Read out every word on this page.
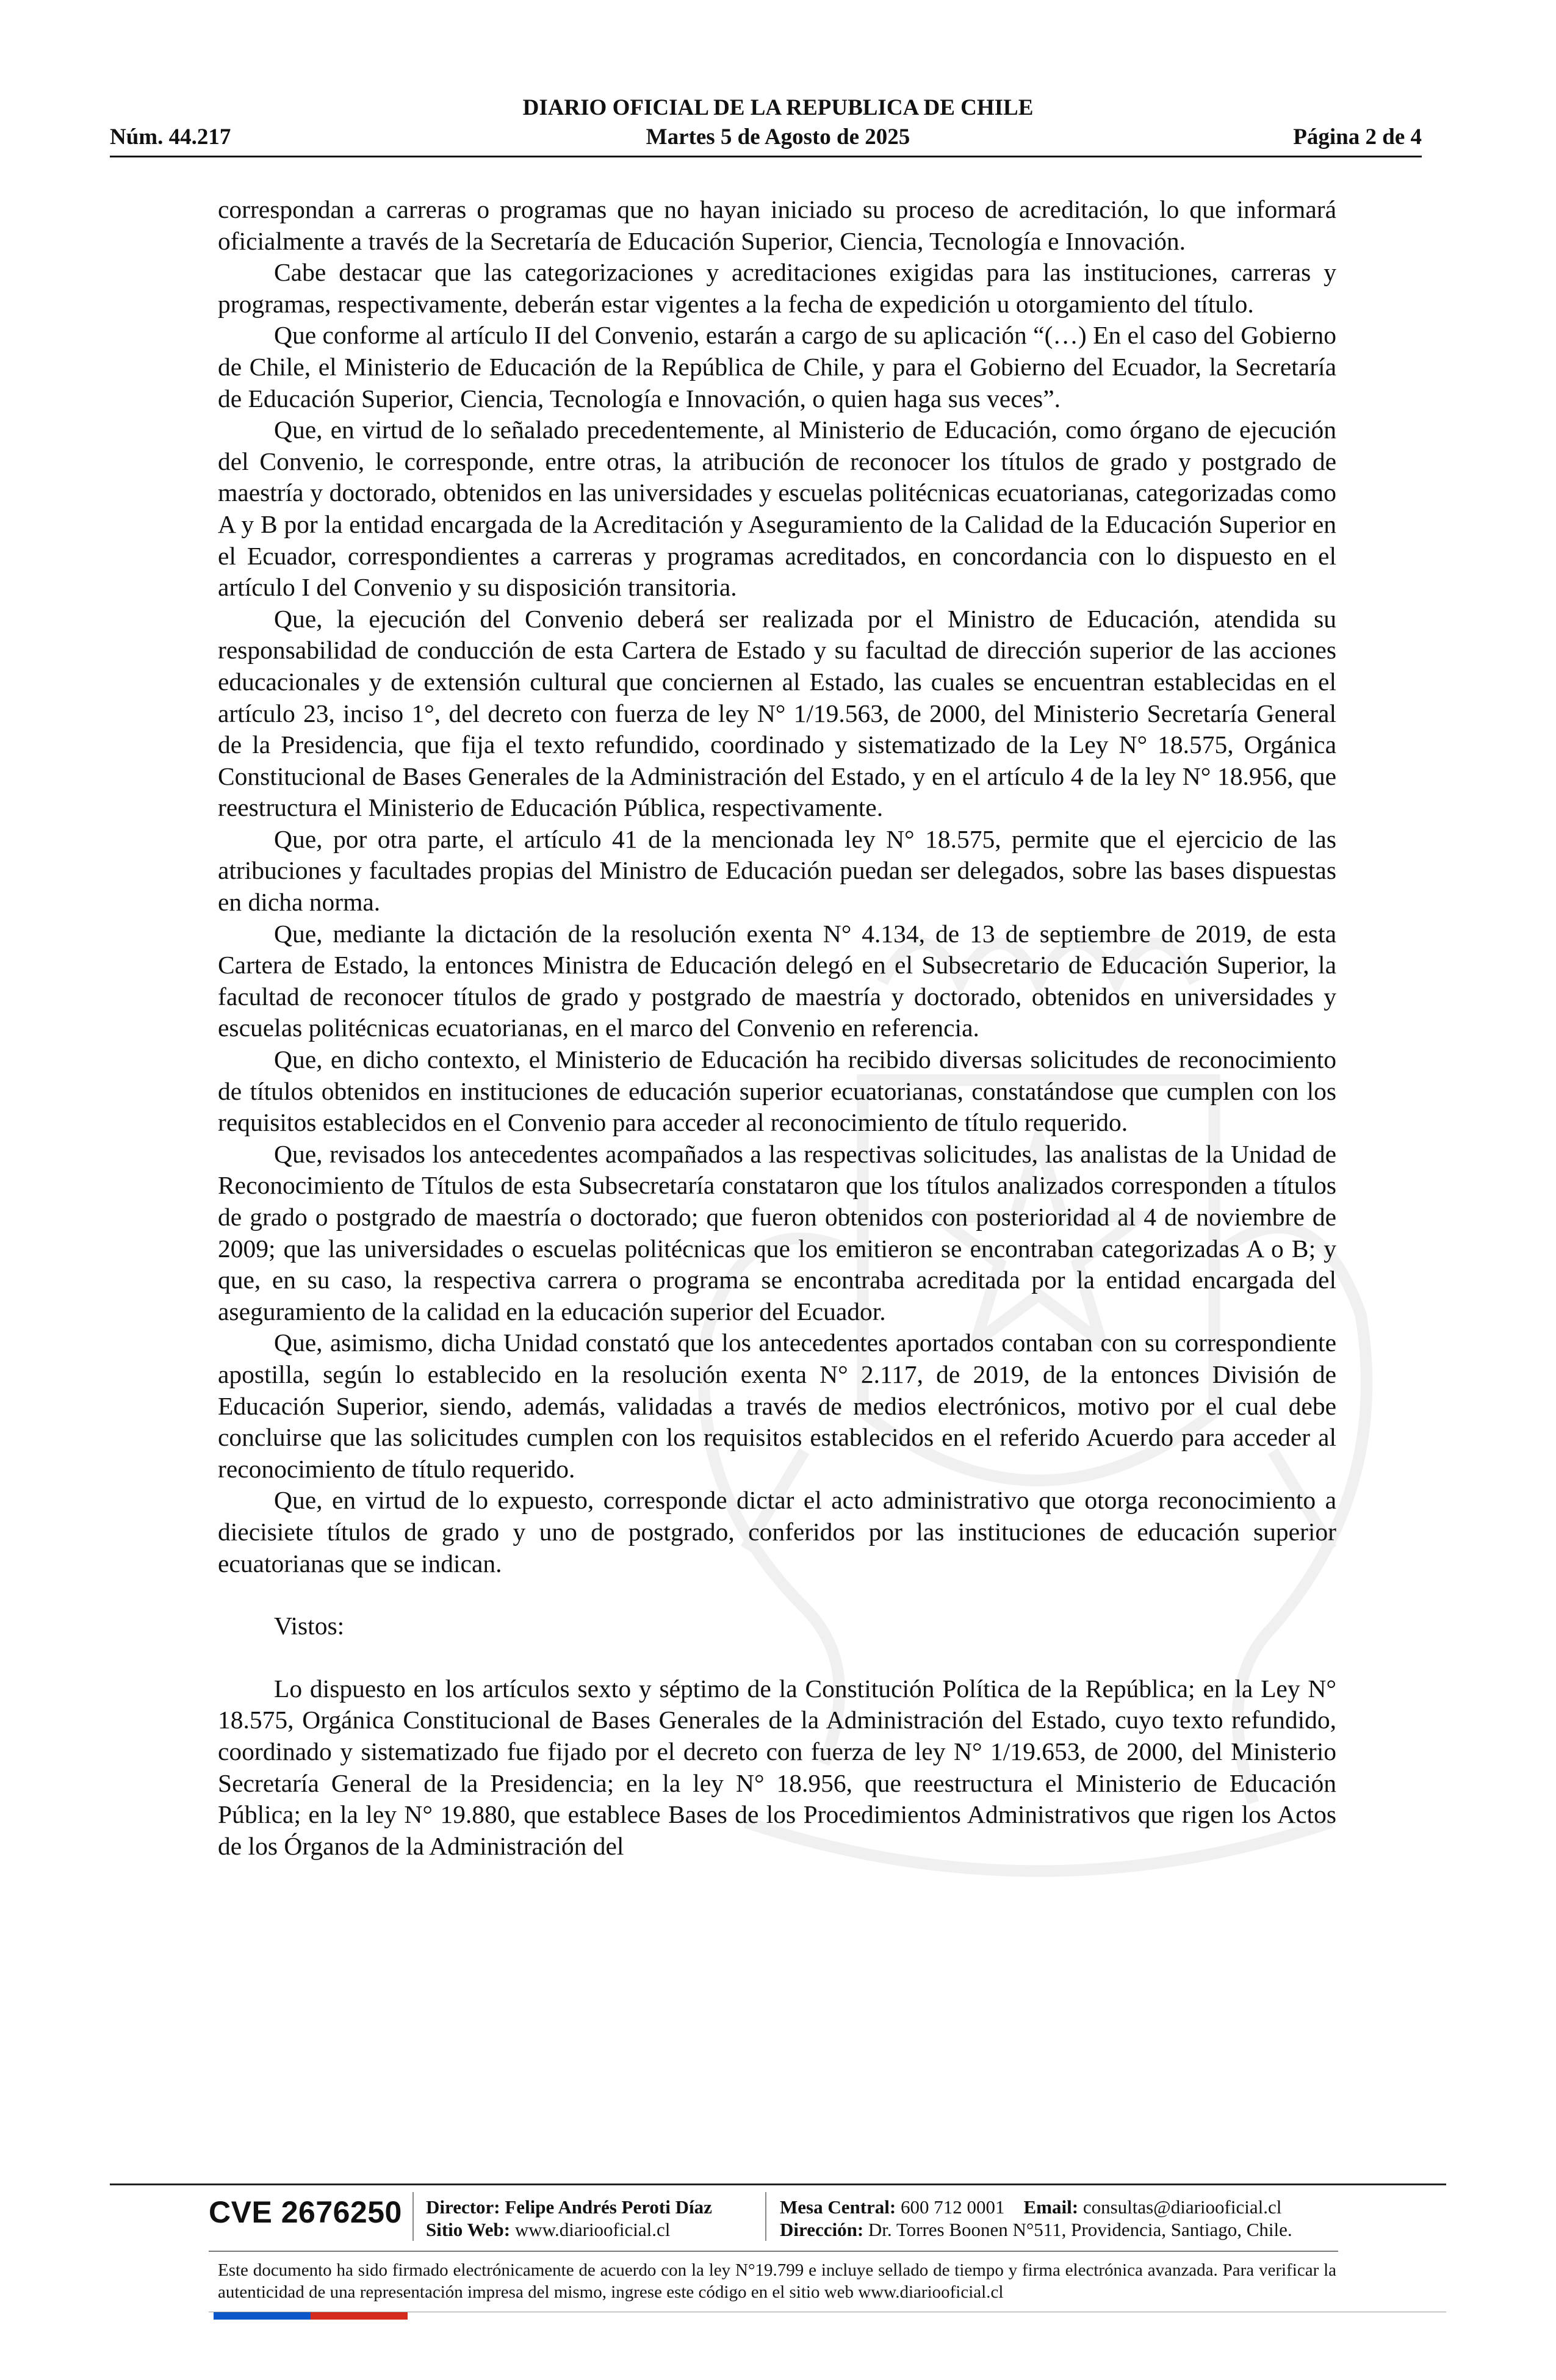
DIARIO OFICIAL DE LA REPUBLICA DE CHILE
Núm. 44.217	Martes 5 de Agosto de 2025	Página 2 de 4

correspondan a carreras o programas que no hayan iniciado su proceso de acreditación, lo que informará oficialmente a través de la Secretaría de Educación Superior, Ciencia, Tecnología e Innovación.

Cabe destacar que las categorizaciones y acreditaciones exigidas para las instituciones, carreras y programas, respectivamente, deberán estar vigentes a la fecha de expedición u otorgamiento del título.

Que conforme al artículo II del Convenio, estarán a cargo de su aplicación “(…) En el caso del Gobierno de Chile, el Ministerio de Educación de la República de Chile, y para el Gobierno del Ecuador, la Secretaría de Educación Superior, Ciencia, Tecnología e Innovación, o quien haga sus veces”.

Que, en virtud de lo señalado precedentemente, al Ministerio de Educación, como órgano de ejecución del Convenio, le corresponde, entre otras, la atribución de reconocer los títulos de grado y postgrado de maestría y doctorado, obtenidos en las universidades y escuelas politécnicas ecuatorianas, categorizadas como A y B por la entidad encargada de la Acreditación y Aseguramiento de la Calidad de la Educación Superior en el Ecuador, correspondientes a carreras y programas acreditados, en concordancia con lo dispuesto en el artículo I del Convenio y su disposición transitoria.

Que, la ejecución del Convenio deberá ser realizada por el Ministro de Educación, atendida su responsabilidad de conducción de esta Cartera de Estado y su facultad de dirección superior de las acciones educacionales y de extensión cultural que conciernen al Estado, las cuales se encuentran establecidas en el artículo 23, inciso 1°, del decreto con fuerza de ley N° 1/19.563, de 2000, del Ministerio Secretaría General de la Presidencia, que fija el texto refundido, coordinado y sistematizado de la Ley N° 18.575, Orgánica Constitucional de Bases Generales de la Administración del Estado, y en el artículo 4 de la ley N° 18.956, que reestructura el Ministerio de Educación Pública, respectivamente.

Que, por otra parte, el artículo 41 de la mencionada ley N° 18.575, permite que el ejercicio de las atribuciones y facultades propias del Ministro de Educación puedan ser delegados, sobre las bases dispuestas en dicha norma.

Que, mediante la dictación de la resolución exenta N° 4.134, de 13 de septiembre de 2019, de esta Cartera de Estado, la entonces Ministra de Educación delegó en el Subsecretario de Educación Superior, la facultad de reconocer títulos de grado y postgrado de maestría y doctorado, obtenidos en universidades y escuelas politécnicas ecuatorianas, en el marco del Convenio en referencia.

Que, en dicho contexto, el Ministerio de Educación ha recibido diversas solicitudes de reconocimiento de títulos obtenidos en instituciones de educación superior ecuatorianas, constatándose que cumplen con los requisitos establecidos en el Convenio para acceder al reconocimiento de título requerido.

Que, revisados los antecedentes acompañados a las respectivas solicitudes, las analistas de la Unidad de Reconocimiento de Títulos de esta Subsecretaría constataron que los títulos analizados corresponden a títulos de grado o postgrado de maestría o doctorado; que fueron obtenidos con posterioridad al 4 de noviembre de 2009; que las universidades o escuelas politécnicas que los emitieron se encontraban categorizadas A o B; y que, en su caso, la respectiva carrera o programa se encontraba acreditada por la entidad encargada del aseguramiento de la calidad en la educación superior del Ecuador.

Que, asimismo, dicha Unidad constató que los antecedentes aportados contaban con su correspondiente apostilla, según lo establecido en la resolución exenta N° 2.117, de 2019, de la entonces División de Educación Superior, siendo, además, validadas a través de medios electrónicos, motivo por el cual debe concluirse que las solicitudes cumplen con los requisitos establecidos en el referido Acuerdo para acceder al reconocimiento de título requerido.

Que, en virtud de lo expuesto, corresponde dictar el acto administrativo que otorga reconocimiento a diecisiete títulos de grado y uno de postgrado, conferidos por las instituciones de educación superior ecuatorianas que se indican.

Vistos:

Lo dispuesto en los artículos sexto y séptimo de la Constitución Política de la República; en la Ley N° 18.575, Orgánica Constitucional de Bases Generales de la Administración del Estado, cuyo texto refundido, coordinado y sistematizado fue fijado por el decreto con fuerza de ley N° 1/19.653, de 2000, del Ministerio Secretaría General de la Presidencia; en la ley N° 18.956, que reestructura el Ministerio de Educación Pública; en la ley N° 19.880, que establece Bases de los Procedimientos Administrativos que rigen los Actos de los Órganos de la Administración del

CVE 2676250 Director: Felipe Andrés Peroti Díaz
Sitio Web: www.diariooficial.cl
Mesa Central: 600 712 0001 Email: consultas@diariooficial.cl
Dirección: Dr. Torres Boonen N°511, Providencia, Santiago, Chile.
Este documento ha sido firmado electrónicamente de acuerdo con la ley N°19.799 e incluye sellado de tiempo y firma electrónica avanzada. Para verificar la autenticidad de una representación impresa del mismo, ingrese este código en el sitio web www.diariooficial.cl
